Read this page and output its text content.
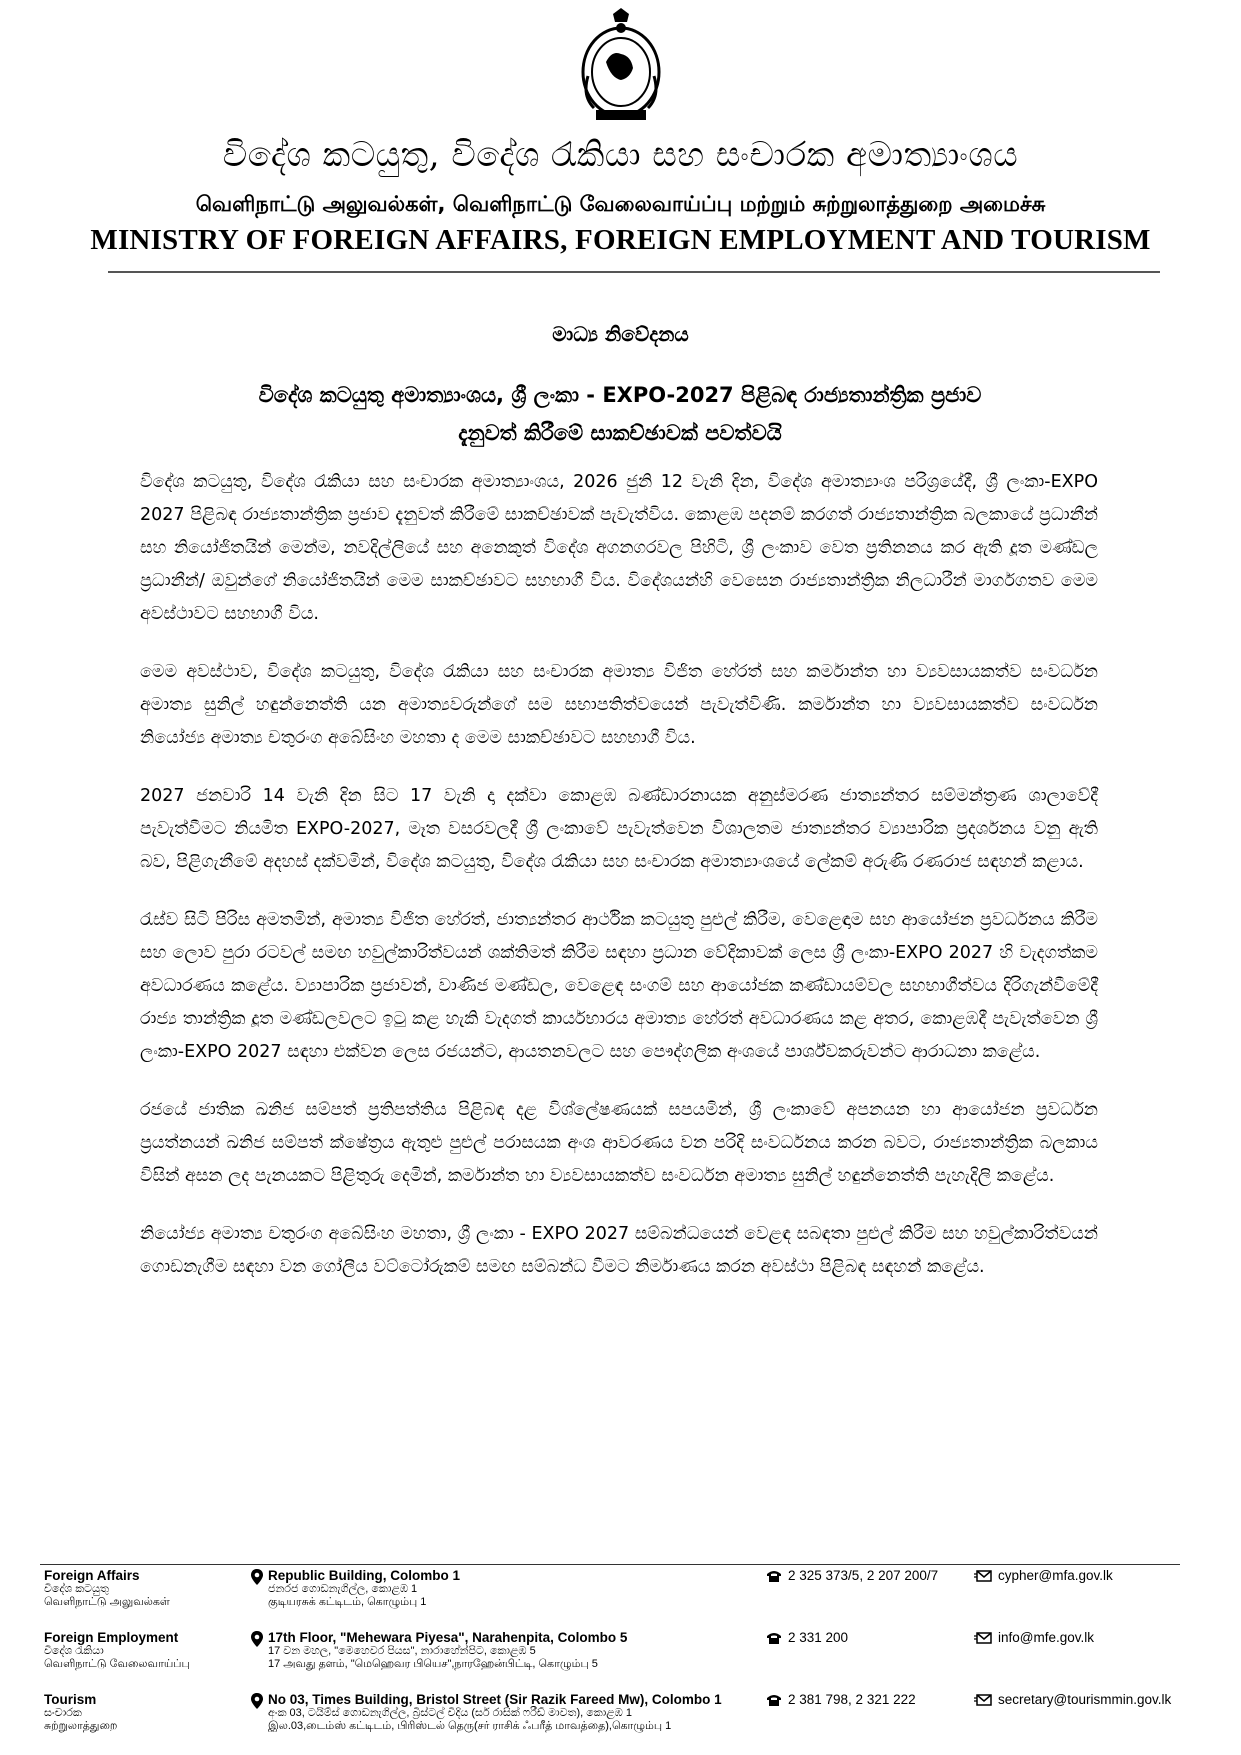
විදේශ කටයුතු, විදේශ රැකියා සහ සංචාරක අමාත්‍යාංශය
வெளிநாட்டு அலுவல்கள், வெளிநாட்டு வேலைவாய்ப்பு மற்றும் சுற்றுலாத்துறை அமைச்சு
MINISTRY OF FOREIGN AFFAIRS, FOREIGN EMPLOYMENT AND TOURISM
මාධ්‍ය නිවේදනය
විදේශ කටයුතු අමාත්‍යාංශය, ශ්‍රී ලංකා - EXPO-2027 පිළිබඳ රාජ්‍යතාන්ත්‍රික ප්‍රජාව
දැනුවත් කිරීමේ සාකච්ඡාවක් පවත්වයි

විදේශ කටයුතු, විදේශ රැකියා සහ සංචාරක අමාත්‍යාංශය, 2026 ජුනි 12 වැනි දින, විදේශ අමාත්‍යාංශ පරිශ්‍රයේදී, ශ්‍රී ලංකා-EXPO 2027 පිළිබඳ රාජ්‍යතාන්ත්‍රික ප්‍රජාව දැනුවත් කිරීමේ සාකච්ඡාවක් පැවැත්විය. කොළඹ පදනම් කරගත් රාජ්‍යතාන්ත්‍රික බලකායේ ප්‍රධානීන් සහ නියෝජිතයින් මෙන්ම, නවදිල්ලියේ සහ අනෙකුත් විදේශ අගනගරවල පිහිටි, ශ්‍රී ලංකාව වෙත ප්‍රතිනනය කර ඇති දූත මණ්ඩල ප්‍රධානීන්/ ඔවුන්ගේ නියෝජිතයින් මෙම සාකච්ඡාවට සහභාගී විය. විදේශයන්හි වෙසෙන රාජ්‍යතාන්ත්‍රික නිලධාරීන් මාර්ගගතව මෙම අවස්ථාවට සහභාගී විය.

මෙම අවස්ථාව, විදේශ කටයුතු, විදේශ රැකියා සහ සංචාරක අමාත්‍ය විජිත හේරත් සහ කර්මාන්ත හා ව්‍යවසායකත්ව සංවර්ධන අමාත්‍ය සුනිල් හඳුන්නෙත්ති යන අමාත්‍යවරුන්ගේ සම සභාපතිත්වයෙන් පැවැත්විණි. කර්මාන්ත හා ව්‍යවසායකත්ව සංවර්ධන නියෝජ්‍ය අමාත්‍ය චතුරංග අබේසිංහ මහතා ද මෙම සාකච්ඡාවට සහභාගී විය.

2027 ජනවාරි 14 වැනි දින සිට 17 වැනි දා දක්වා කොළඹ බණ්ඩාරනායක අනුස්මරණ ජාත්‍යන්තර සම්මන්ත්‍රණ ශාලාවේදී පැවැත්වීමට නියමිත EXPO-2027, මෑත වසරවලදී ශ්‍රී ලංකාවේ පැවැත්වෙන විශාලතම ජාත්‍යන්තර ව්‍යාපාරික ප්‍රදර්ශනය වනු ඇති බව, පිළිගැනීමේ අදහස් දක්වමින්, විදේශ කටයුතු, විදේශ රැකියා සහ සංචාරක අමාත්‍යාංශයේ ලේකම් අරුණි රණරාජ සඳහන් කළාය.

රැස්ව සිටි පිරිස අමතමින්, අමාත්‍ය විජිත හේරත්, ජාත්‍යන්තර ආර්ථික කටයුතු පුළුල් කිරීම, වෙළෙඳාම සහ ආයෝජන ප්‍රවර්ධනය කිරීම සහ ලොව පුරා රටවල් සමඟ හවුල්කාරිත්වයන් ශක්තිමත් කිරීම සඳහා ප්‍රධාන වේදිකාවක් ලෙස ශ්‍රී ලංකා-EXPO 2027 හි වැදගත්කම අවධාරණය කළේය. ව්‍යාපාරික ප්‍රජාවන්, වාණිජ මණ්ඩල, වෙළෙඳ සංගම් සහ ආයෝජක කණ්ඩායම්වල සහභාගීත්වය දිරිගැන්වීමේදී රාජ්‍ය තාන්ත්‍රික දූත මණ්ඩලවලට ඉටු කළ හැකි වැදගත් කාර්යභාරය අමාත්‍ය හේරත් අවධාරණය කළ අතර, කොළඹදී පැවැත්වෙන ශ්‍රී ලංකා-EXPO 2027 සඳහා එක්වන ලෙස රජයන්ට, ආයතනවලට සහ පෞද්ගලික අංශයේ පාර්ශ්වකරුවන්ට ආරාධනා කළේය.

රජයේ ජාතික ඛනිජ සම්පත් ප්‍රතිපත්තිය පිළිබඳ දළ විශ්ලේෂණයක් සපයමින්, ශ්‍රී ලංකාවේ අපනයන හා ආයෝජන ප්‍රවර්ධන ප්‍රයත්නයන් ඛනිජ සම්පත් ක්ෂේත්‍රය ඇතුළු පුළුල් පරාසයක අංශ ආවරණය වන පරිදි සංවර්ධනය කරන බවට, රාජ්‍යතාන්ත්‍රික බලකාය විසින් අසන ලද පැනයකට පිළිතුරු දෙමින්, කර්මාන්ත හා ව්‍යවසායකත්ව සංවර්ධන අමාත්‍ය සුනිල් හඳුන්නෙත්ති පැහැදිලි කළේය.

නියෝජ්‍ය අමාත්‍ය චතුරංග අබේසිංහ මහතා, ශ්‍රී ලංකා - EXPO 2027 සම්බන්ධයෙන් වෙළඳ සබඳතා පුළුල් කිරීම සහ හවුල්කාරිත්වයන් ගොඩනැගීම සඳහා වන ගෝලීය වට්ටෝරුකම් සමඟ සම්බන්ධ වීමට නිර්මාණය කරන අවස්ථා පිළිබඳ සඳහන් කළේය.

Foreign Affairs
විදේශ කටයුතු
வெளிநாட்டு அலுவல்கள்
Republic Building, Colombo 1
ජනරජ ගොඩනැගිල්ල, කොළඹ 1
குடியரசுக் கட்டிடம், கொழும்பு 1
2 325 373/5, 2 207 200/7	cypher@mfa.gov.lk
Foreign Employment
විදේශ රැකියා
வெளிநாட்டு வேலைவாய்ப்பு
17th Floor, "Mehewara Piyesa", Narahenpita, Colombo 5
17 වන මහල, "මෙහෙවර පියස", නාරාහේන්පිට, කොළඹ 5
17 அவது தளம், "மெஹெவர பியெச",நாரஹேன்பிட்டி, கொழும்பு 5
2 331 200	info@mfe.gov.lk
Tourism
සංචාරක
சுற்றுலாத்துறை
No 03, Times Building, Bristol Street (Sir Razik Fareed Mw), Colombo 1
අංක 03, ටයිම්ස් ගොඩනැගිල්ල, බ්‍රිස්ටල් වීදිය (සර් රාසික් ෆරීඩ් මාවත), කොළඹ 1
இல.03,டைம்ஸ் கட்டிடம், பிரிஸ்டல் தெரு(சர் ராசிக் ஃபரீத் மாவத்தை),கொழும்பு 1
2 381 798, 2 321 222	secretary@tourismmin.gov.lk
